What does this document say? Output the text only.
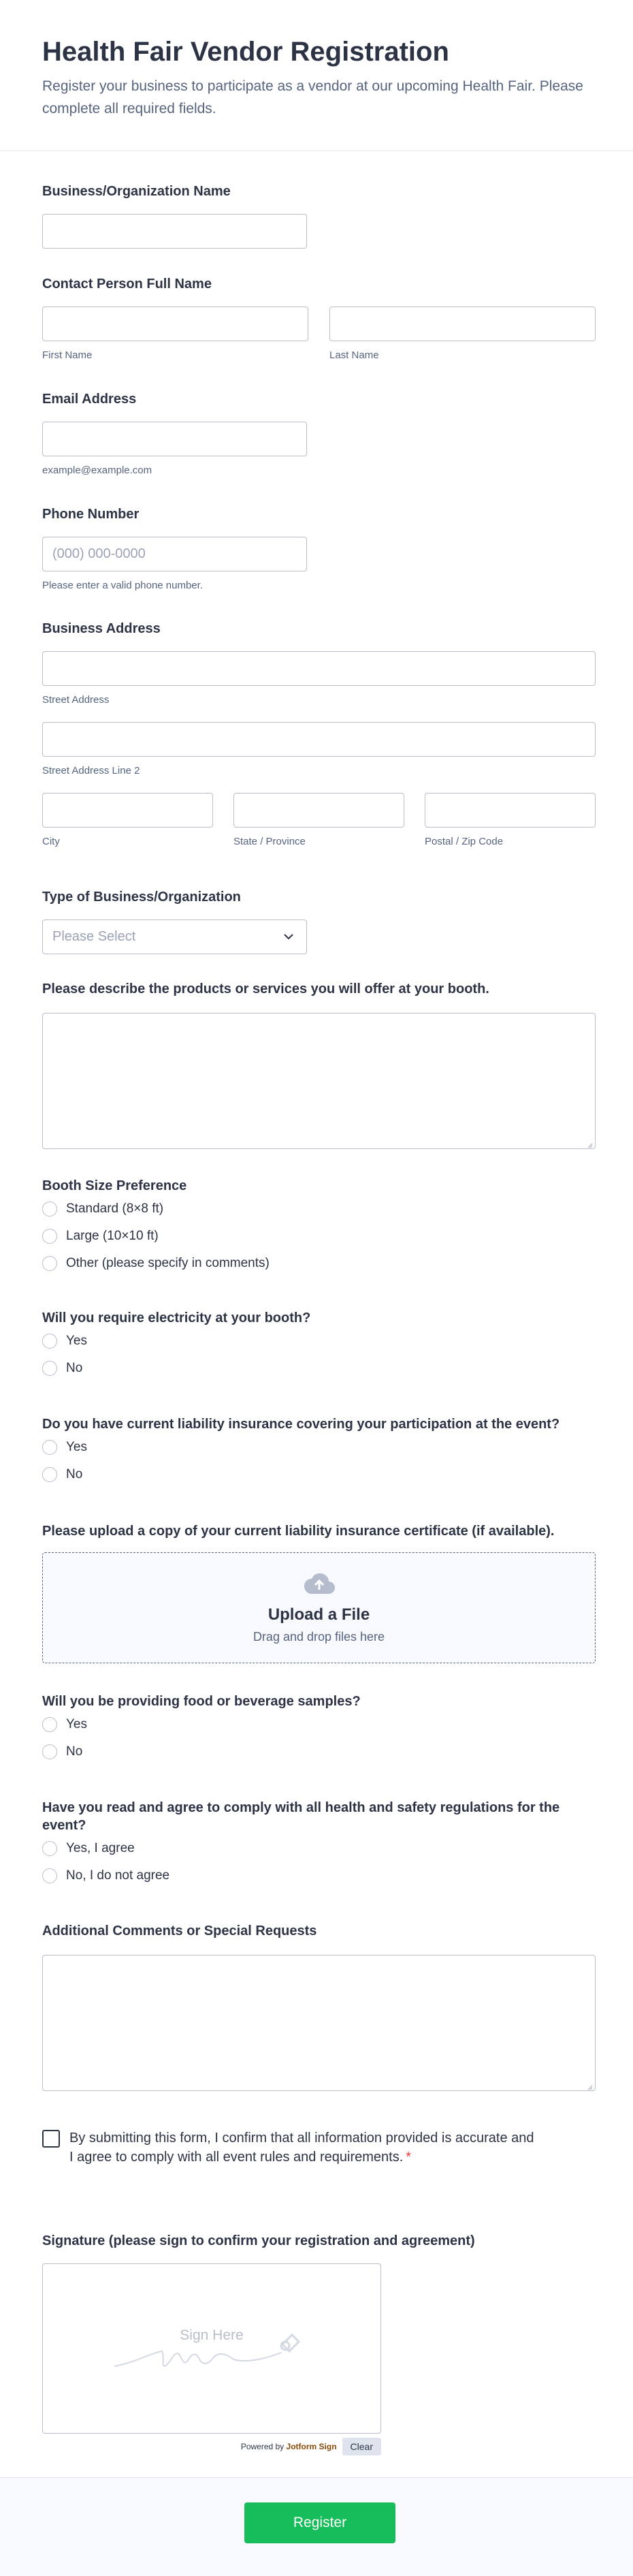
Health Fair Vendor Registration

Register your business to participate as a vendor at our upcoming Health Fair. Please complete all required fields.

Business/Organization Name
Contact Person Full Name
First Name	Last Name
Email Address
example@example.com
Phone Number
(000) 000-0000
Please enter a valid phone number.
Business Address
Street Address
Street Address Line 2
City	State / Province	Postal / Zip Code
Type of Business/Organization
Please Select
Please describe the products or services you will offer at your booth.
Booth Size Preference
Standard (8×8 ft)
Large (10×10 ft)
Other (please specify in comments)
Will you require electricity at your booth?
Yes
No
Do you have current liability insurance covering your participation at the event?
Yes
No
Please upload a copy of your current liability insurance certificate (if available).
Upload a File
Drag and drop files here
Will you be providing food or beverage samples?
Yes
No
Have you read and agree to comply with all health and safety regulations for the event?
Yes, I agree
No, I do not agree
Additional Comments or Special Requests
By submitting this form, I confirm that all information provided is accurate and I agree to comply with all event rules and requirements. *
Signature (please sign to confirm your registration and agreement)
Sign Here
Powered by Jotform Sign	Clear
Register
